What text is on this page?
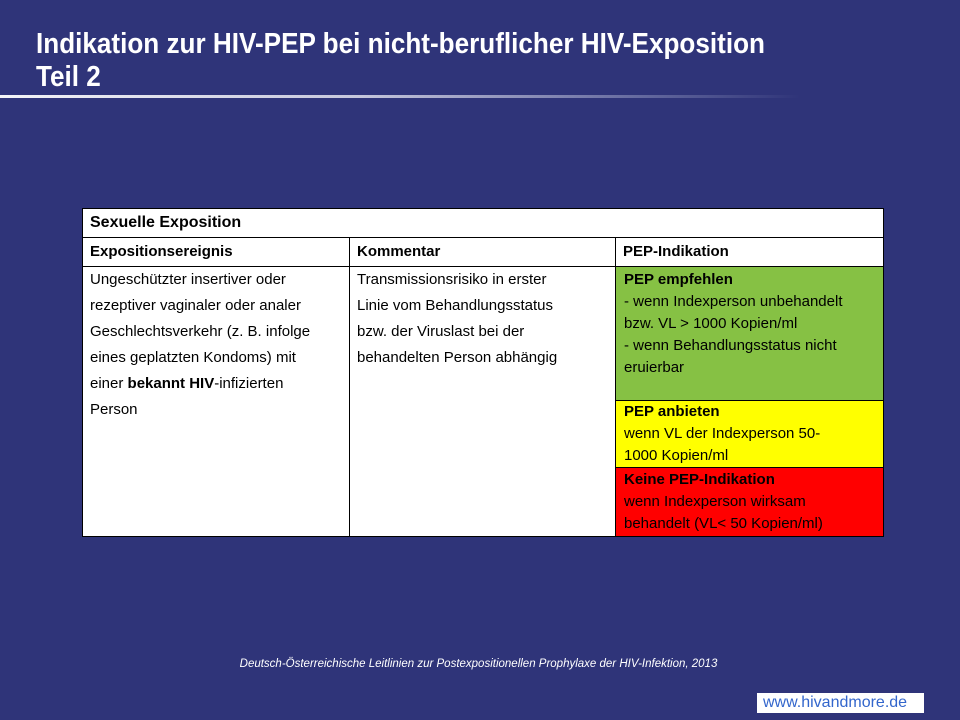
Indikation zur HIV-PEP bei nicht-beruflicher HIV-Exposition
Teil 2
Sexuelle Exposition
Expositionsereignis	Kommentar	PEP-Indikation
Ungeschützter insertiver oder
rezeptiver vaginaler oder analer
Geschlechtsverkehr (z. B. infolge
eines geplatzten Kondoms) mit
einer bekannt HIV-infizierten
Person
Transmissionsrisiko in erster
Linie vom Behandlungsstatus
bzw. der Viruslast bei der
behandelten Person abhängig
PEP empfehlen
- wenn Indexperson unbehandelt
bzw. VL > 1000 Kopien/ml
- wenn Behandlungsstatus nicht
eruierbar
PEP anbieten
wenn VL der Indexperson 50-
1000 Kopien/ml
Keine PEP-Indikation
wenn Indexperson wirksam
behandelt (VL< 50 Kopien/ml)
Deutsch-Österreichische Leitlinien zur Postexpositionellen Prophylaxe der HIV-Infektion, 2013
www.hivandmore.de
